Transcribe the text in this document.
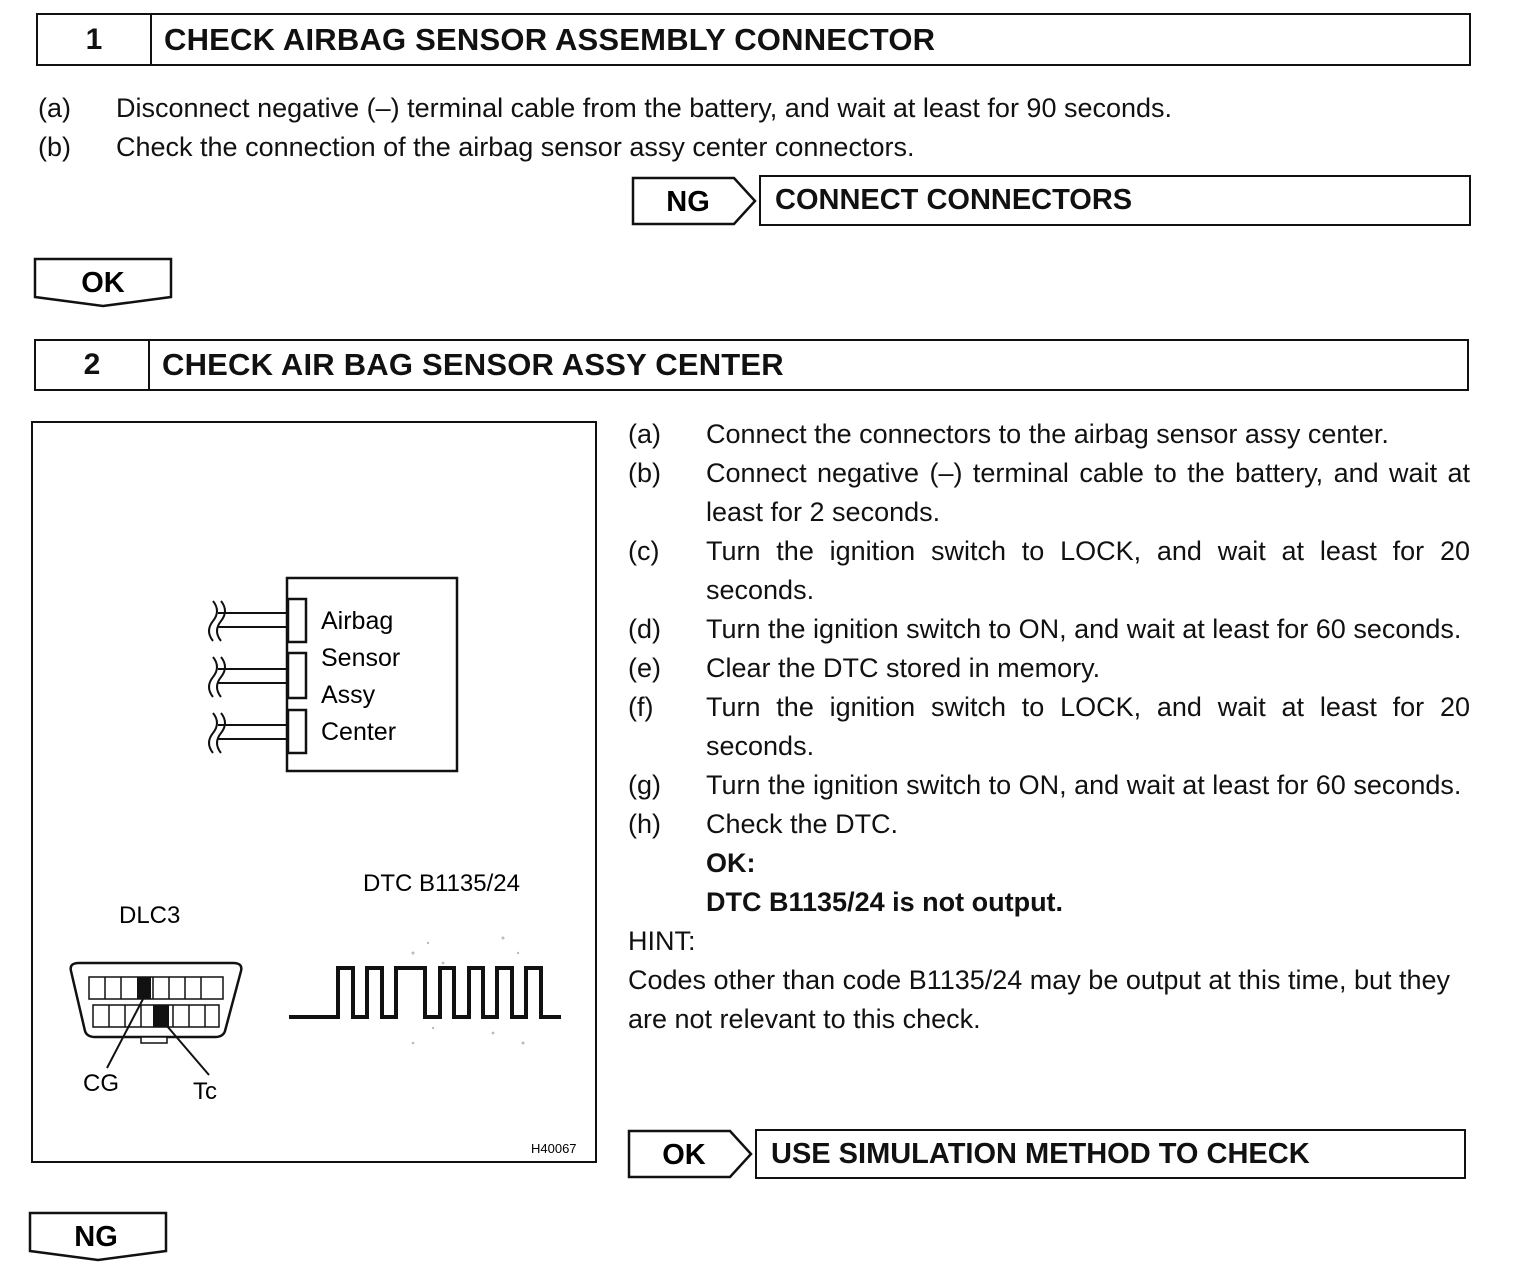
1	CHECK AIRBAG SENSOR ASSEMBLY CONNECTOR
(a)	Disconnect negative (–) terminal cable from the battery, and wait at least for 90 seconds.
(b)	Check the connection of the airbag sensor assy center connectors.
NG	CONNECT CONNECTORS
OK
2	CHECK AIR BAG SENSOR ASSY CENTER
Airbag
Sensor
Assy
Center
DTC B1135/24
DLC3
CG	Tc
H40067
(a)	Connect the connectors to the airbag sensor assy center.
(b)	Connect negative (–) terminal cable to the battery, and wait at least for 2 seconds.
(c)	Turn the ignition switch to LOCK, and wait at least for 20 seconds.
(d)	Turn the ignition switch to ON, and wait at least for 60 seconds.
(e)	Clear the DTC stored in memory.
(f)	Turn the ignition switch to LOCK, and wait at least for 20 seconds.
(g)	Turn the ignition switch to ON, and wait at least for 60 seconds.
(h)	Check the DTC.
OK:
DTC B1135/24 is not output.
HINT:
Codes other than code B1135/24 may be output at this time, but they are not relevant to this check.
OK	USE SIMULATION METHOD TO CHECK
NG
